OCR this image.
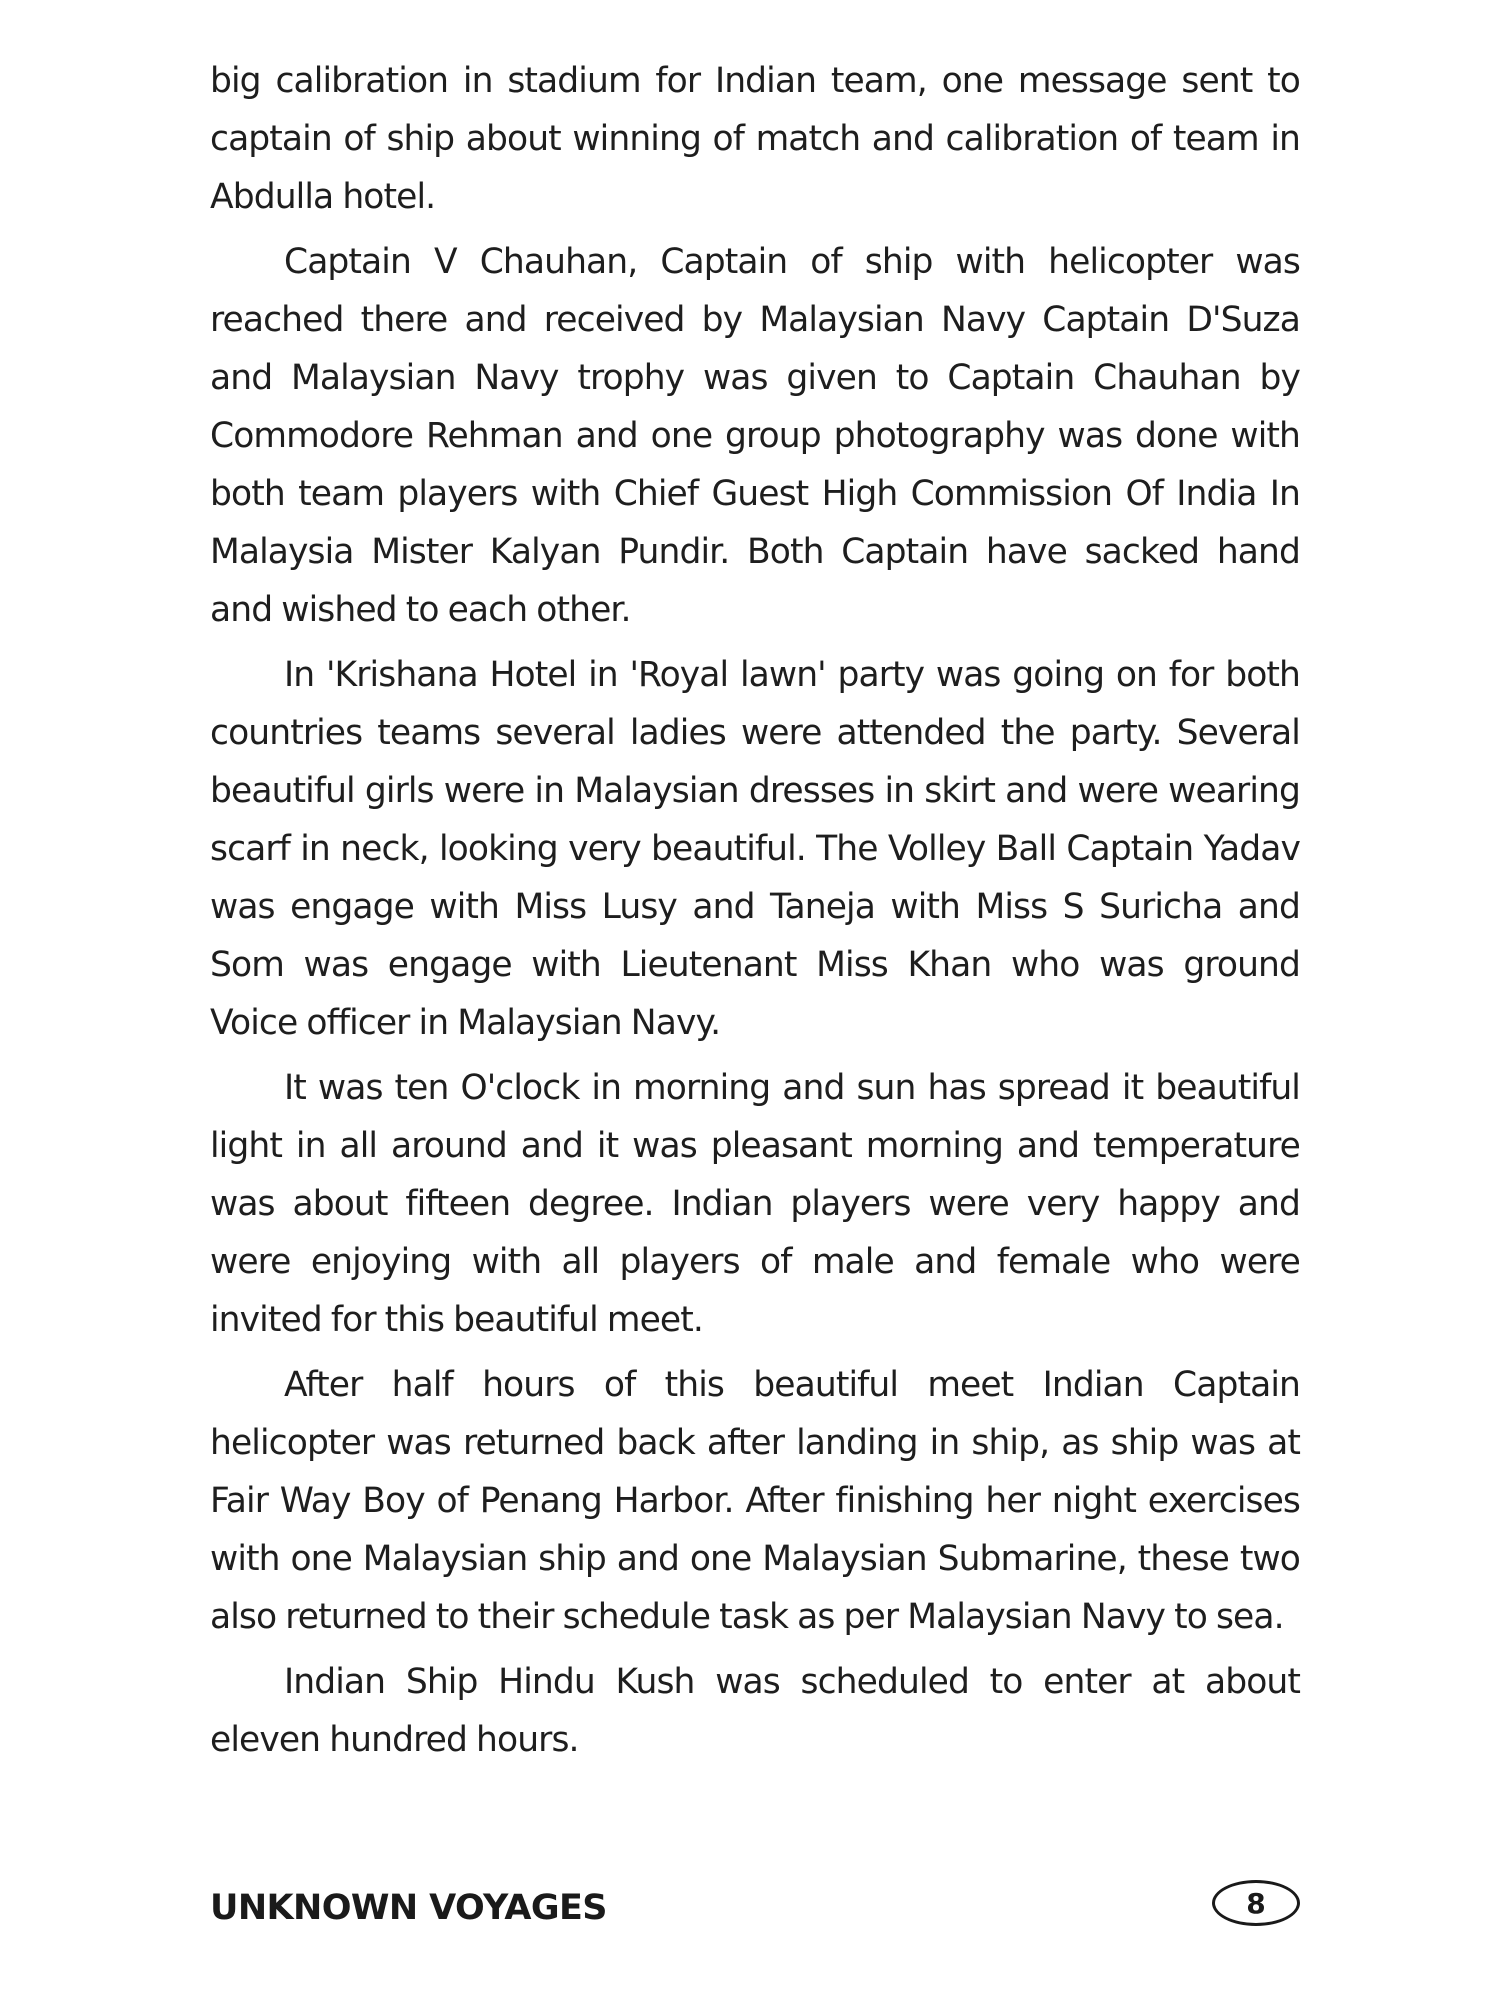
big calibration in stadium for Indian team, one message sent to captain of ship about winning of match and calibration of team in Abdulla hotel.

Captain V Chauhan, Captain of ship with helicopter was reached there and received by Malaysian Navy Captain D'Suza and Malaysian Navy trophy was given to Captain Chauhan by Commodore Rehman and one group photography was done with both team players with Chief Guest High Commission Of India In Malaysia Mister Kalyan Pundir. Both Captain have sacked hand and wished to each other.

In 'Krishana Hotel in 'Royal lawn' party was going on for both countries teams several ladies were attended the party. Several beautiful girls were in Malaysian dresses in skirt and were wearing scarf in neck, looking very beautiful. The Volley Ball Captain Yadav was engage with Miss Lusy and Taneja with Miss S Suricha and Som was engage with Lieutenant Miss Khan who was ground Voice officer in Malaysian Navy.

It was ten O'clock in morning and sun has spread it beautiful light in all around and it was pleasant morning and temperature was about fifteen degree. Indian players were very happy and were enjoying with all players of male and female who were invited for this beautiful meet.

After half hours of this beautiful meet Indian Captain helicopter was returned back after landing in ship, as ship was at Fair Way Boy of Penang Harbor. After finishing her night exercises with one Malaysian ship and one Malaysian Submarine, these two also returned to their schedule task as per Malaysian Navy to sea.

Indian Ship Hindu Kush was scheduled to enter at about eleven hundred hours.

UNKNOWN VOYAGES	8
